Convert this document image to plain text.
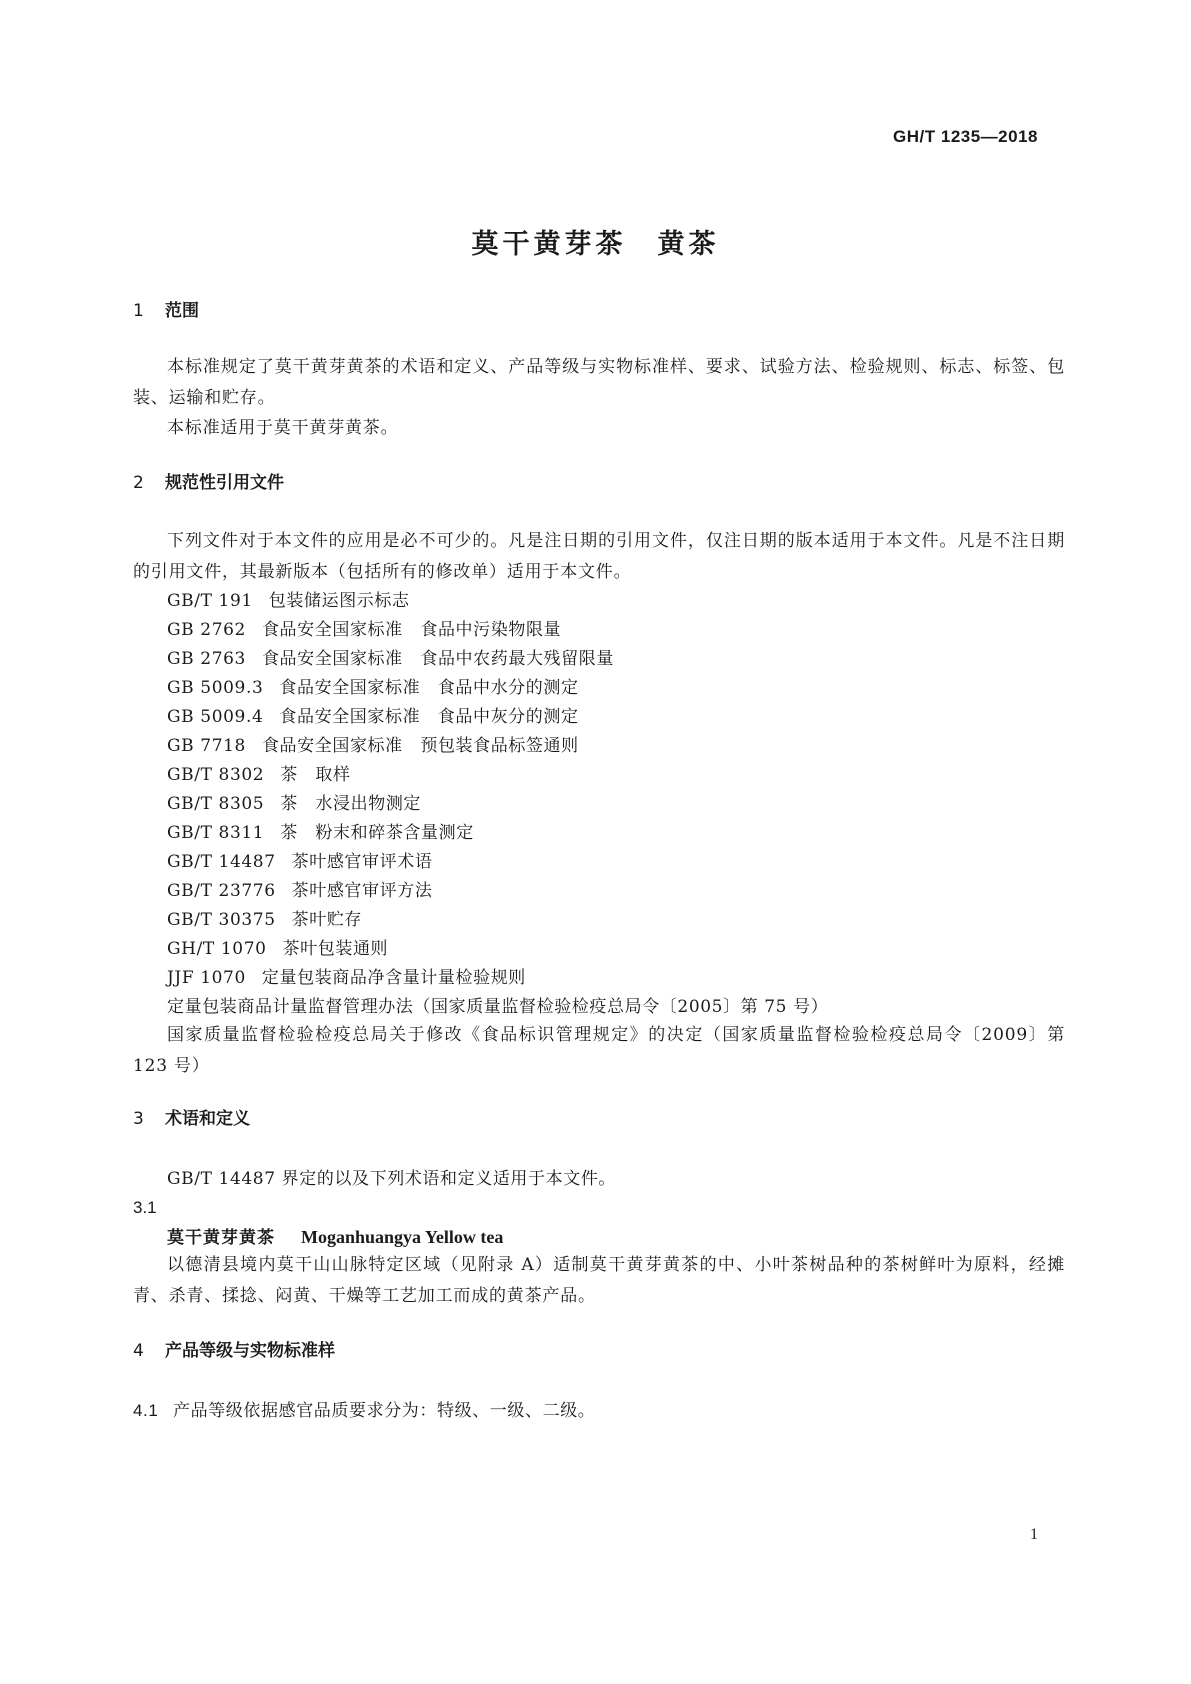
GH/T 1235—2018
莫干黄芽茶　黄茶
1 范围
本标准规定了莫干黄芽黄茶的术语和定义、产品等级与实物标准样、要求、试验方法、检验规则、标志、标签、包装、运输和贮存。
本标准适用于莫干黄芽黄茶。
2 规范性引用文件
下列文件对于本文件的应用是必不可少的。凡是注日期的引用文件，仅注日期的版本适用于本文件。凡是不注日期的引用文件，其最新版本（包括所有的修改单）适用于本文件。
GB/T 191 包装储运图示标志
GB 2762 食品安全国家标准　食品中污染物限量
GB 2763 食品安全国家标准　食品中农药最大残留限量
GB 5009.3 食品安全国家标准　食品中水分的测定
GB 5009.4 食品安全国家标准　食品中灰分的测定
GB 7718 食品安全国家标准　预包装食品标签通则
GB/T 8302 茶　取样
GB/T 8305 茶　水浸出物测定
GB/T 8311 茶　粉末和碎茶含量测定
GB/T 14487 茶叶感官审评术语
GB/T 23776 茶叶感官审评方法
GB/T 30375 茶叶贮存
GH/T 1070 茶叶包装通则
JJF 1070 定量包装商品净含量计量检验规则
定量包装商品计量监督管理办法（国家质量监督检验检疫总局令〔2005〕第 75 号）
国家质量监督检验检疫总局关于修改《食品标识管理规定》的决定（国家质量监督检验检疫总局令〔2009〕第 123 号）
3 术语和定义
GB/T 14487 界定的以及下列术语和定义适用于本文件。
3.1
莫干黄芽黄茶 Moganhuangya Yellow tea
以德清县境内莫干山山脉特定区域（见附录 A）适制莫干黄芽黄茶的中、小叶茶树品种的茶树鲜叶为原料，经摊青、杀青、揉捻、闷黄、干燥等工艺加工而成的黄茶产品。
4 产品等级与实物标准样
4.1 产品等级依据感官品质要求分为：特级、一级、二级。
1
